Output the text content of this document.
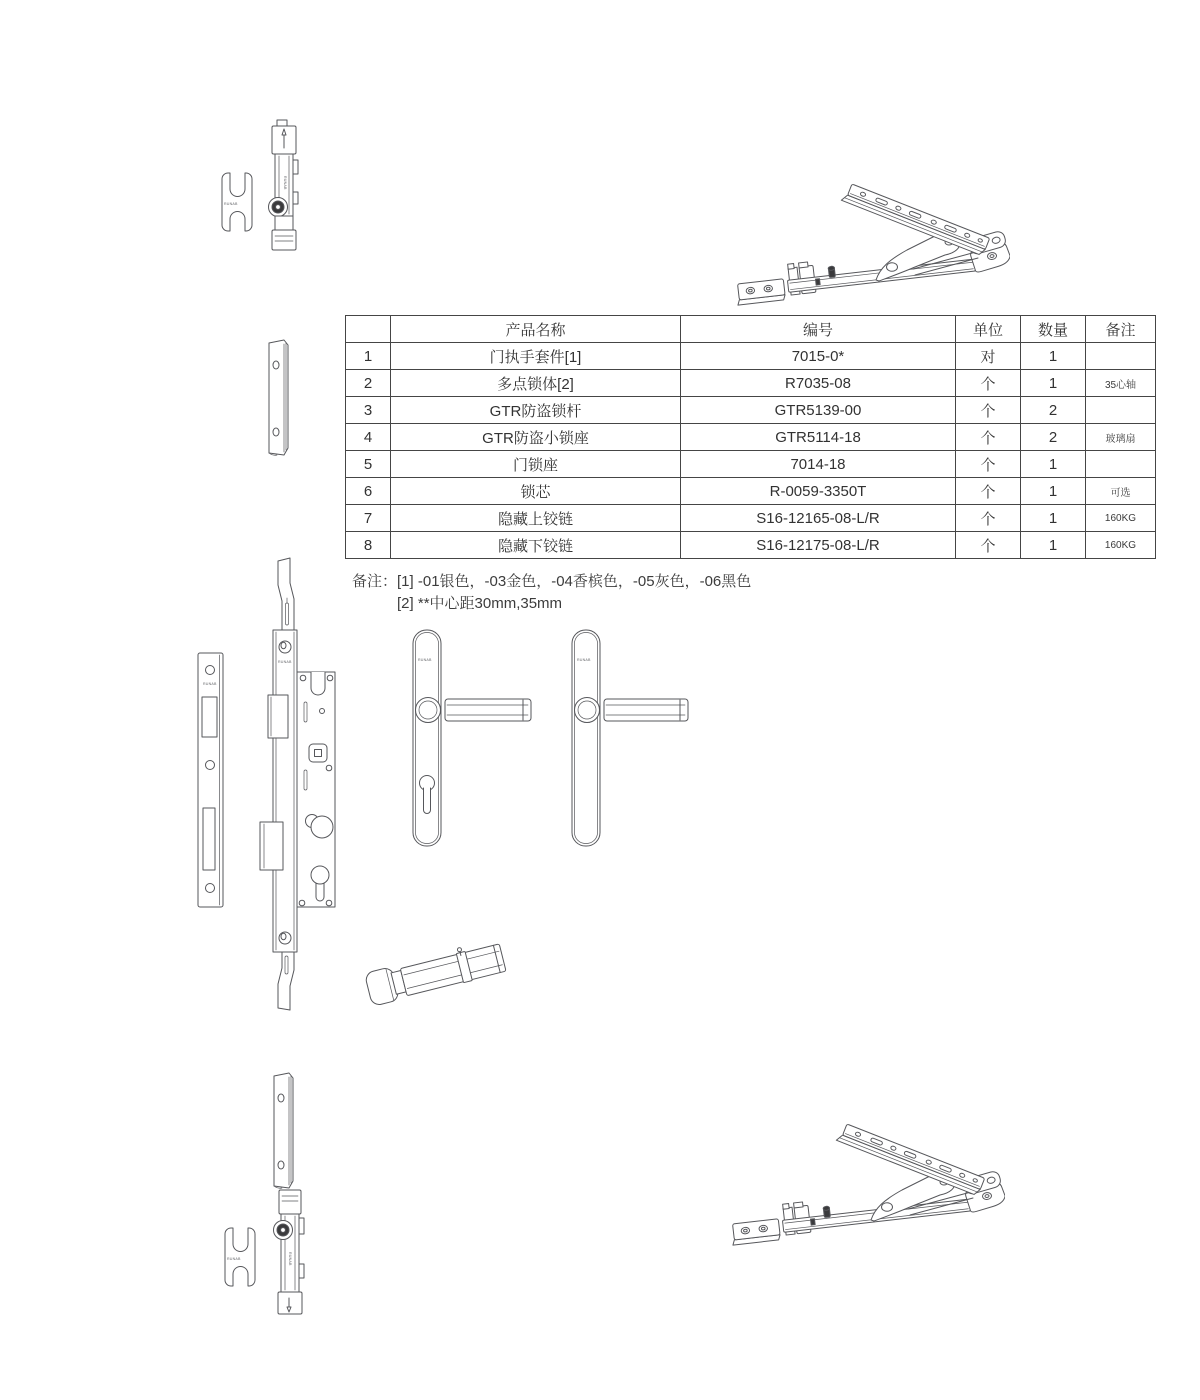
RUNAB
RUNAB
RUNAB
RUNAB	RUNAB	RUNAB
RUNAB	RUNAB
	产品名称	编号	单位	数量	备注
1	门执手套件[1]	7015-0*	对	1	
2	多点锁体[2]	R7035-08	个	1	35心轴
3	GTR防盗锁杆	GTR5139-00	个	2	
4	GTR防盗小锁座	GTR5114-18	个	2	玻璃扇
5	门锁座	7014-18	个	1	
6	锁芯	R-0059-3350T	个	1	可选
7	隐藏上铰链	S16-12165-08-L/R	个	1	160KG
8	隐藏下铰链	S16-12175-08-L/R	个	1	160KG
备注： [1] -01银色，-03金色，-04香槟色，-05灰色，-06黑色
[2] **中心距30mm,35mm
